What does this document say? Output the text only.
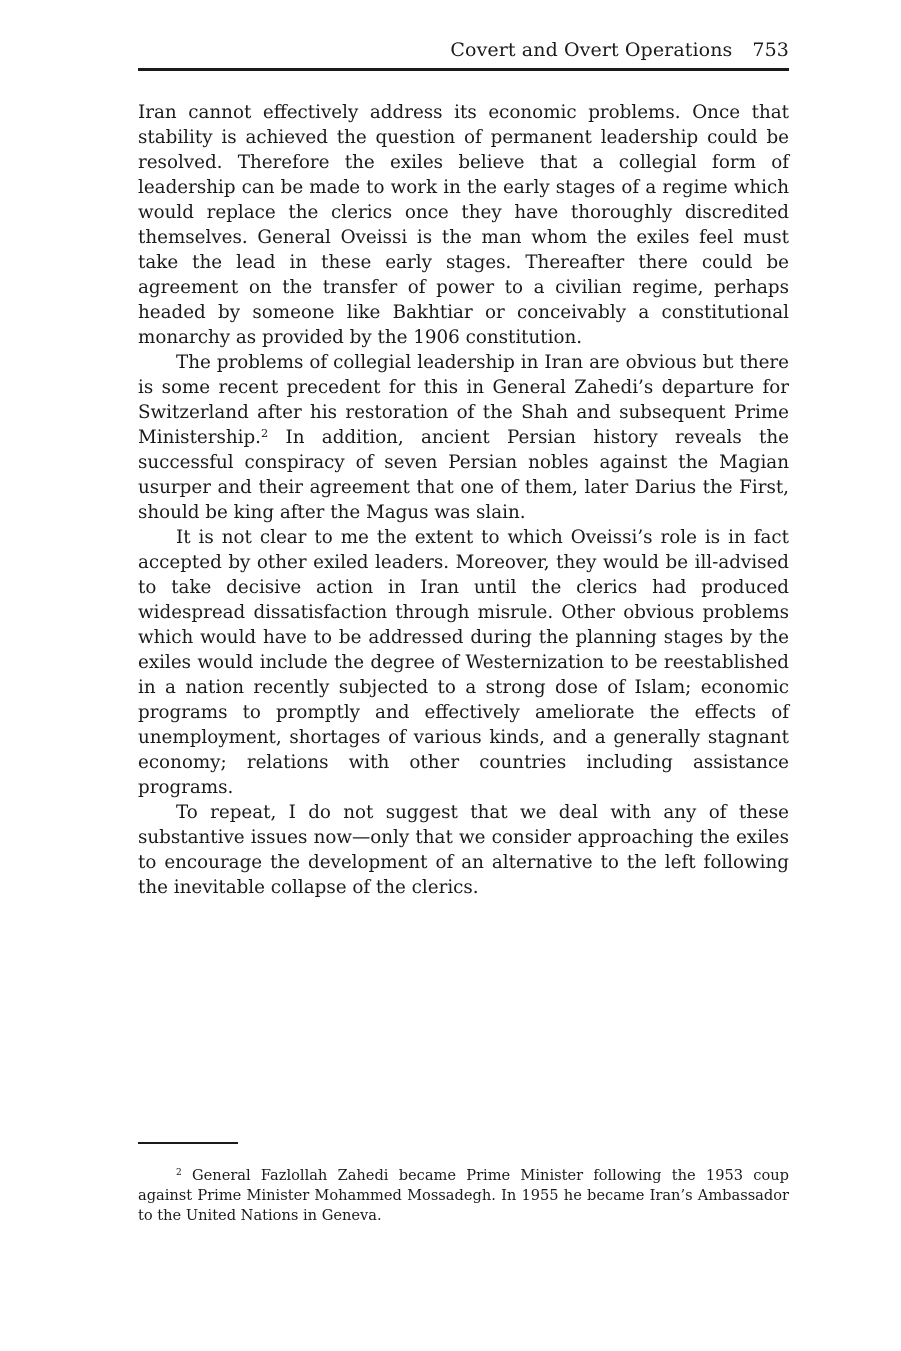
Covert and Overt Operations 753

Iran cannot effectively address its economic problems. Once that stability is achieved the question of permanent leadership could be resolved. Therefore the exiles believe that a collegial form of leadership can be made to work in the early stages of a regime which would replace the clerics once they have thoroughly discredited themselves. General Oveissi is the man whom the exiles feel must take the lead in these early stages. Thereafter there could be agreement on the transfer of power to a civilian regime, perhaps headed by someone like Bakhtiar or conceivably a constitutional monarchy as provided by the 1906 constitution.

The problems of collegial leadership in Iran are obvious but there is some recent precedent for this in General Zahedi’s departure for Switzerland after his restoration of the Shah and subsequent Prime Ministership.$^2$ In addition, ancient Persian history reveals the successful conspiracy of seven Persian nobles against the Magian usurper and their agreement that one of them, later Darius the First, should be king after the Magus was slain.

It is not clear to me the extent to which Oveissi’s role is in fact accepted by other exiled leaders. Moreover, they would be ill-advised to take decisive action in Iran until the clerics had produced widespread dissatisfaction through misrule. Other obvious problems which would have to be addressed during the planning stages by the exiles would include the degree of Westernization to be reestablished in a nation recently subjected to a strong dose of Islam; economic programs to promptly and effectively ameliorate the effects of unemployment, shortages of various kinds, and a generally stagnant economy; relations with other countries including assistance programs.

To repeat, I do not suggest that we deal with any of these substantive issues now—only that we consider approaching the exiles to encourage the development of an alternative to the left following the inevitable collapse of the clerics.

$^2$ General Fazlollah Zahedi became Prime Minister following the 1953 coup against Prime Minister Mohammed Mossadegh. In 1955 he became Iran’s Ambassador to the United Nations in Geneva.
